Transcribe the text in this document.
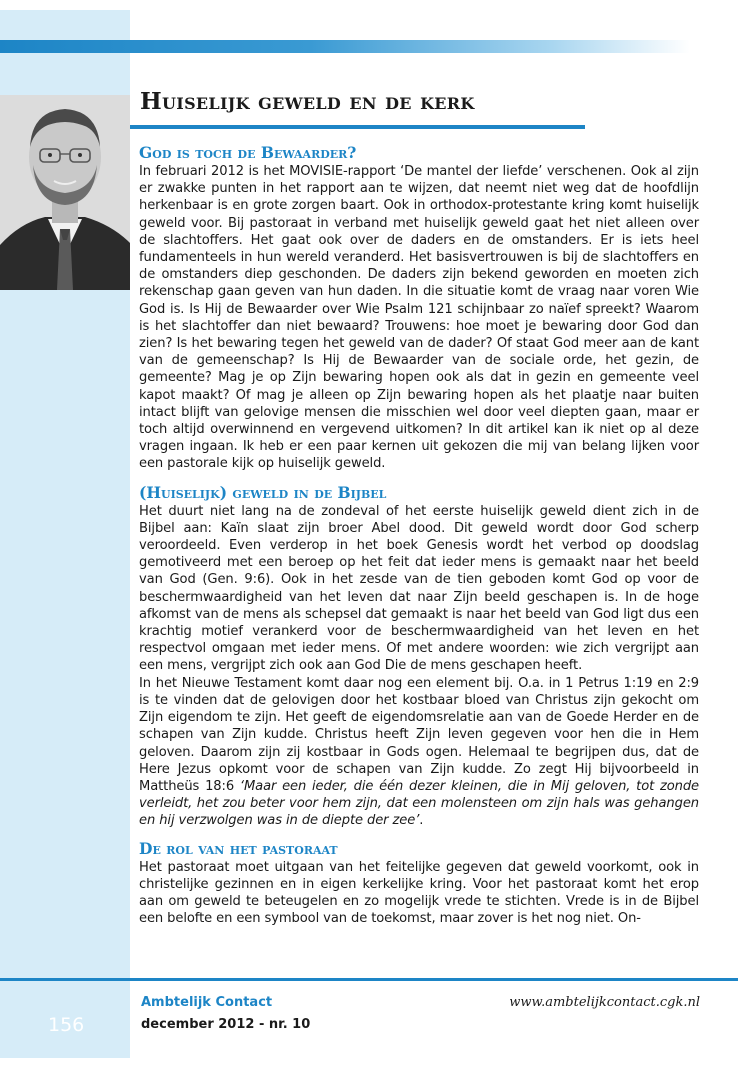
Huiselijk geweld en de kerk
God is toch de Bewaarder?

In februari 2012 is het MOVISIE-rapport ‘De mantel der liefde’ verschenen. Ook al zijn er zwakke punten in het rapport aan te wijzen, dat neemt niet weg dat de hoofdlijn herkenbaar is en grote zorgen baart. Ook in orthodox-protestante kring komt huiselijk geweld voor. Bij pastoraat in verband met huiselijk geweld gaat het niet alleen over de slachtoffers. Het gaat ook over de daders en de omstanders. Er is iets heel fundamenteels in hun wereld veranderd. Het basisvertrouwen is bij de slachtoffers en de omstanders diep geschonden. De daders zijn bekend geworden en moeten zich rekenschap gaan geven van hun daden. In die situatie komt de vraag naar voren Wie God is. Is Hij de Bewaarder over Wie Psalm 121 schijnbaar zo naïef spreekt? Waarom is het slachtoffer dan niet bewaard? Trouwens: hoe moet je bewaring door God dan zien? Is het bewaring tegen het geweld van de dader? Of staat God meer aan de kant van de gemeenschap? Is Hij de Bewaarder van de sociale orde, het gezin, de gemeente? Mag je op Zijn bewaring hopen ook als dat in gezin en gemeente veel kapot maakt? Of mag je alleen op Zijn bewaring hopen als het plaatje naar buiten intact blijft van gelovige mensen die misschien wel door veel diepten gaan, maar er toch altijd overwinnend en vergevend uitkomen? In dit artikel kan ik niet op al deze vragen ingaan. Ik heb er een paar kernen uit gekozen die mij van belang lijken voor een pastorale kijk op huiselijk geweld.

(Huiselijk) geweld in de Bijbel

Het duurt niet lang na de zondeval of het eerste huiselijk geweld dient zich in de Bijbel aan: Kaïn slaat zijn broer Abel dood. Dit geweld wordt door God scherp veroordeeld. Even verderop in het boek Genesis wordt het verbod op doodslag gemotiveerd met een beroep op het feit dat ieder mens is gemaakt naar het beeld van God (Gen. 9:6). Ook in het zesde van de tien geboden komt God op voor de beschermwaardigheid van het leven dat naar Zijn beeld geschapen is. In de hoge afkomst van de mens als schepsel dat gemaakt is naar het beeld van God ligt dus een krachtig motief verankerd voor de beschermwaardigheid van het leven en het respectvol omgaan met ieder mens. Of met andere woorden: wie zich vergrijpt aan een mens, vergrijpt zich ook aan God Die de mens geschapen heeft.

In het Nieuwe Testament komt daar nog een element bij. O.a. in 1 Petrus 1:19 en 2:9 is te vinden dat de gelovigen door het kostbaar bloed van Christus zijn gekocht om Zijn eigendom te zijn. Het geeft de eigendomsrelatie aan van de Goede Herder en de schapen van Zijn kudde. Christus heeft Zijn leven gegeven voor hen die in Hem geloven. Daarom zijn zij kostbaar in Gods ogen. Helemaal te begrijpen dus, dat de Here Jezus opkomt voor de schapen van Zijn kudde. Zo zegt Hij bijvoorbeeld in Mattheüs 18:6 ‘Maar een ieder, die één dezer kleinen, die in Mij geloven, tot zonde verleidt, het zou beter voor hem zijn, dat een molensteen om zijn hals was gehangen en hij verzwolgen was in de diepte der zee’.

De rol van het pastoraat

Het pastoraat moet uitgaan van het feitelijke gegeven dat geweld voorkomt, ook in christelijke gezinnen en in eigen kerkelijke kring. Voor het pastoraat komt het erop aan om geweld te beteugelen en zo mogelijk vrede te stichten. Vrede is in de Bijbel een belofte en een symbool van de toekomst, maar zover is het nog niet. On-

156
Ambtelijk Contact
december 2012 - nr. 10
www.ambtelijkcontact.cgk.nl
